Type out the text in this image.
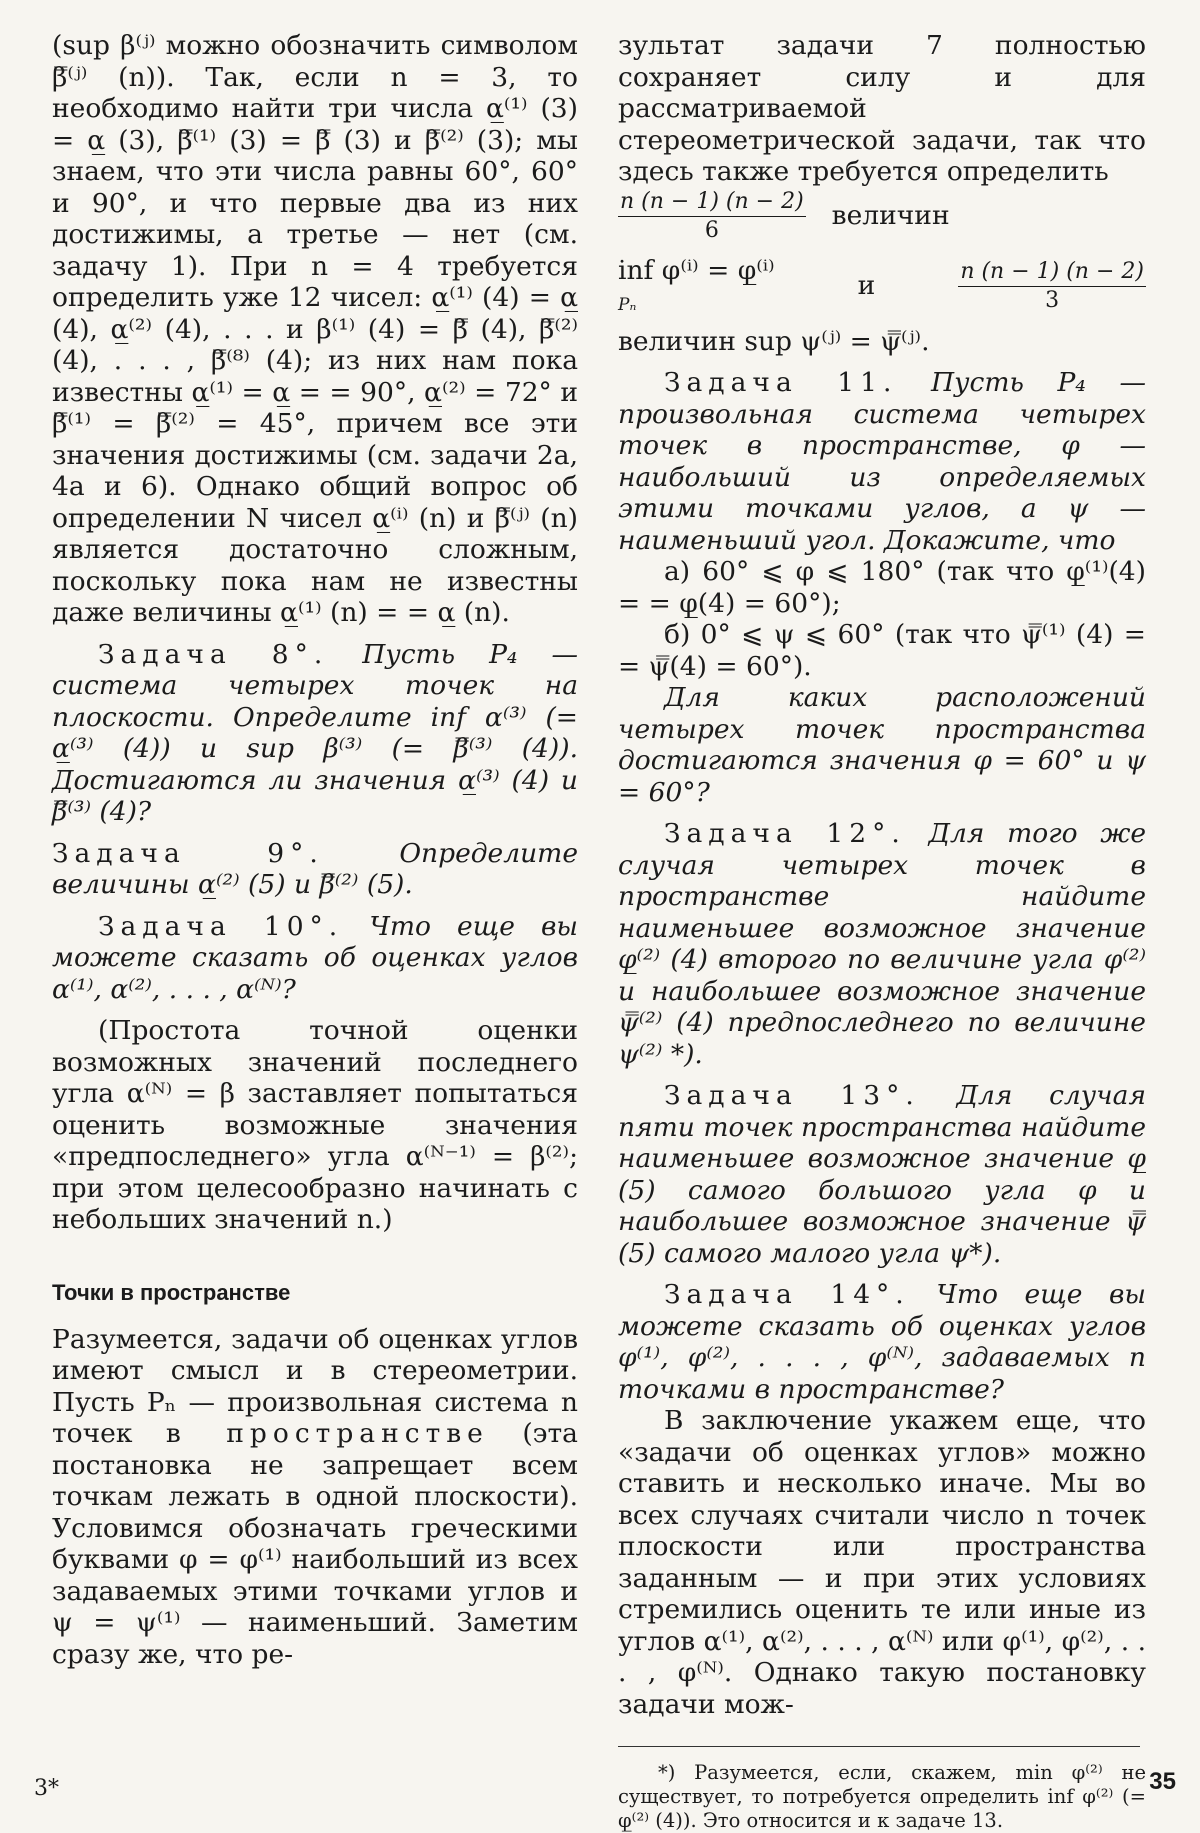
(sup β⁽ʲ⁾ можно обозначить символом β̿⁽ʲ⁾ (n)). Так, если n = 3, то необходимо найти три числа α̲⁽¹⁾ (3) = α̲ (3), β̿⁽¹⁾ (3) = β̿ (3) и β̿⁽²⁾ (3); мы знаем, что эти числа равны 60°, 60° и 90°, и что первые два из них достижимы, а третье — нет (см. задачу 1). При n = 4 требуется определить уже 12 чисел: α̲⁽¹⁾ (4) = α̲ (4), α̲⁽²⁾ (4), . . . и β⁽¹⁾ (4) = β̿ (4), β̿⁽²⁾ (4), . . . , β̿⁽⁸⁾ (4); из них нам пока известны α̲⁽¹⁾ = α̲ = = 90°, α̲⁽²⁾ = 72° и β̿⁽¹⁾ = β̿⁽²⁾ = 45°, причем все эти значения достижимы (см. задачи 2а, 4а и 6). Однако общий вопрос об определении N чисел α̲⁽ⁱ⁾ (n) и β̿⁽ʲ⁾ (n) является достаточно сложным, поскольку пока нам не известны даже величины α̲⁽¹⁾ (n) = = α̲ (n).

Задача 8°. Пусть P₄ — система четырех точек на плоскости. Определите inf α⁽³⁾ (= α̲⁽³⁾ (4)) и sup β⁽³⁾ (= β̿⁽³⁾ (4)). Достигаются ли значения α̲⁽³⁾ (4) и β̿⁽³⁾ (4)?

Задача 9°.	Определите величины α̲⁽²⁾ (5) и β̿⁽²⁾ (5).

Задача 10°. Что еще вы можете сказать об оценках углов α⁽¹⁾, α⁽²⁾, . . . , α⁽ᴺ⁾?

(Простота точной оценки возможных значений последнего угла α⁽ᴺ⁾ = β заставляет попытаться оценить возможные значения «предпоследнего» угла α⁽ᴺ⁻¹⁾ = β⁽²⁾; при этом целесообразно начинать с небольших значений n.)

Точки в пространстве

Разумеется, задачи об оценках углов имеют смысл и в стереометрии. Пусть Pₙ — произвольная система n точек в пространстве (эта постановка не запрещает всем точкам лежать в одной плоскости). Условимся обозначать греческими буквами φ = φ⁽¹⁾ наибольший из всех задаваемых этими точками углов и ψ = ψ⁽¹⁾ — наименьший. Заметим сразу же, что ре-

зультат задачи 7 полностью сохраняет силу и для рассматриваемой стереометрической задачи, так что здесь также требуется определить

$\frac{n (n - 1) (n - 2)}{6}$ величин
inf φ⁽ⁱ⁾ = φ̲⁽ⁱ⁾
Pₙ
и	$\frac{n (n - 1) (n - 2)}{3}$

величин sup ψ⁽ʲ⁾ = ψ̿⁽ʲ⁾.

Задача 11. Пусть P₄ — произвольная система четырех точек в пространстве, φ — наибольший из определяемых этими точками углов, а ψ — наименьший угол. Докажите, что

а) 60° ⩽ φ ⩽ 180° (так что φ̲⁽¹⁾(4) = = φ̲(4) = 60°);

б) 0° ⩽ ψ ⩽ 60° (так что ψ̿⁽¹⁾ (4) = = ψ̿(4) = 60°).

Для каких расположений четырех точек пространства достигаются значения φ = 60° и ψ = 60°?

Задача 12°. Для того же случая четырех точек в пространстве найдите наименьшее возможное значение φ̲⁽²⁾ (4) второго по величине угла φ⁽²⁾ и наибольшее возможное значение ψ̿⁽²⁾ (4) предпоследнего по величине ψ⁽²⁾ *).

Задача 13°. Для случая пяти точек пространства найдите наименьшее возможное значение φ̲ (5) самого большого угла φ и наибольшее возможное значение ψ̿ (5) самого малого угла ψ*).

Задача 14°. Что еще вы можете сказать об оценках углов φ⁽¹⁾, φ⁽²⁾, . . . , φ⁽ᴺ⁾, задаваемых n точками в пространстве?

В заключение укажем еще, что «задачи об оценках углов» можно ставить и несколько иначе. Мы во всех случаях считали число n точек плоскости или пространства заданным — и при этих условиях стремились оценить те или иные из углов α⁽¹⁾, α⁽²⁾, . . . , α⁽ᴺ⁾ или φ⁽¹⁾, φ⁽²⁾, . . . , φ⁽ᴺ⁾. Однако такую постановку задачи мож-

*) Разумеется, если, скажем, min φ⁽²⁾ не существует, то потребуется определить inf φ⁽²⁾ (= φ̲⁽²⁾ (4)). Это относится и к задаче 13.

3*	35
